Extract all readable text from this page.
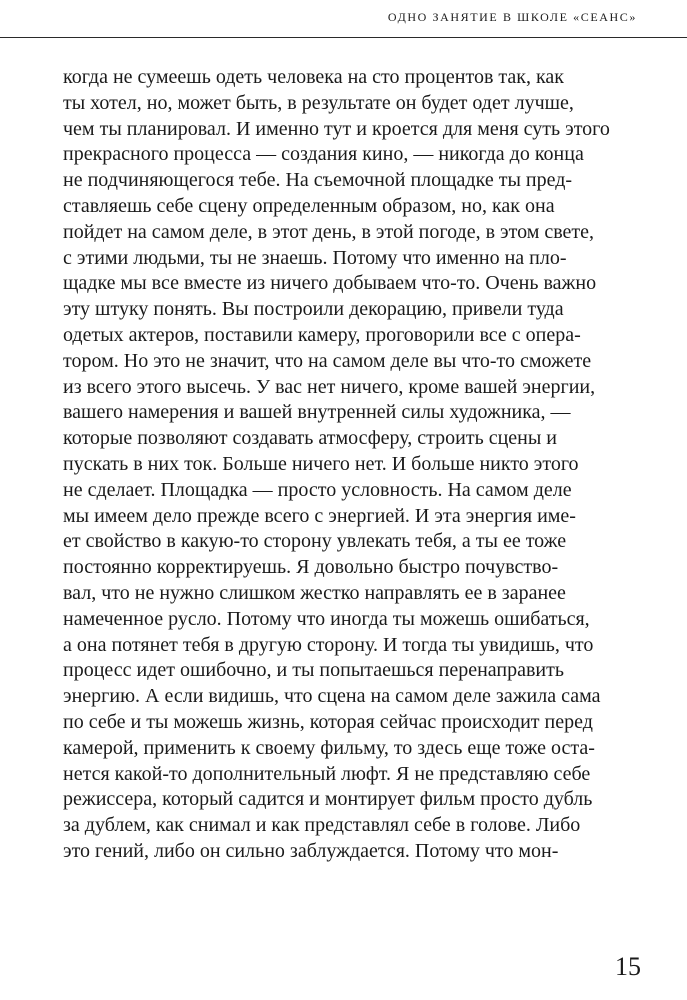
ОДНО ЗАНЯТИЕ В ШКОЛЕ «СЕАНС»
когда не сумеешь одеть человека на сто процентов так, как
ты хотел, но, может быть, в результате он будет одет лучше,
чем ты планировал. И именно тут и кроется для меня суть этого
прекрасного процесса — создания кино, — никогда до конца
не подчиняющегося тебе. На съемочной площадке ты пред-
ставляешь себе сцену определенным образом, но, как она
пойдет на самом деле, в этот день, в этой погоде, в этом свете,
с этими людьми, ты не знаешь. Потому что именно на пло-
щадке мы все вместе из ничего добываем что-то. Очень важно
эту штуку понять. Вы построили декорацию, привели туда
одетых актеров, поставили камеру, проговорили все с опера-
тором. Но это не значит, что на самом деле вы что-то сможете
из всего этого высечь. У вас нет ничего, кроме вашей энергии,
вашего намерения и вашей внутренней силы художника, —
которые позволяют создавать атмосферу, строить сцены и
пускать в них ток. Больше ничего нет. И больше никто этого
не сделает. Площадка — просто условность. На самом деле
мы имеем дело прежде всего с энергией. И эта энергия име-
ет свойство в какую-то сторону увлекать тебя, а ты ее тоже
постоянно корректируешь. Я довольно быстро почувство-
вал, что не нужно слишком жестко направлять ее в заранее
намеченное русло. Потому что иногда ты можешь ошибаться,
а она потянет тебя в другую сторону. И тогда ты увидишь, что
процесс идет ошибочно, и ты попытаешься перенаправить
энергию. А если видишь, что сцена на самом деле зажила сама
по себе и ты можешь жизнь, которая сейчас происходит перед
камерой, применить к своему фильму, то здесь еще тоже оста-
нется какой-то дополнительный люфт. Я не представляю себе
режиссера, который садится и монтирует фильм просто дубль
за дублем, как снимал и как представлял себе в голове. Либо
это гений, либо он сильно заблуждается. Потому что мон-
15
